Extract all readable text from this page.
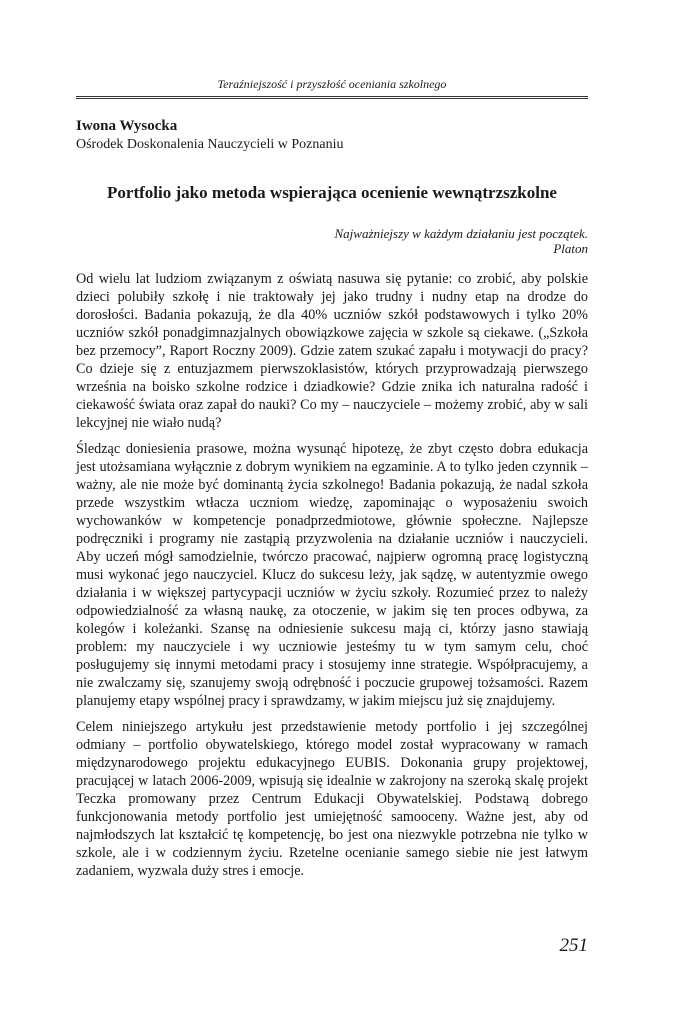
Teraźniejszość i przyszłość oceniania szkolnego
Iwona Wysocka
Ośrodek Doskonalenia Nauczycieli w Poznaniu
Portfolio jako metoda wspierająca ocenienie wewnątrzszkolne
Najważniejszy w każdym działaniu jest początek.
Platon

Od wielu lat ludziom związanym z oświatą nasuwa się pytanie: co zrobić, aby polskie dzieci polubiły szkołę i nie traktowały jej jako trudny i nudny etap na drodze do dorosłości. Badania pokazują, że dla 40% uczniów szkół podstawowych i tylko 20% uczniów szkół ponadgimnazjalnych obowiązkowe zajęcia w szkole są ciekawe. („Szkoła bez przemocy”, Raport Roczny 2009). Gdzie zatem szukać zapału i motywacji do pracy? Co dzieje się z entuzjazmem pierwszoklasistów, których przyprowadzają pierwszego września na boisko szkolne rodzice i dziadkowie? Gdzie znika ich naturalna radość i ciekawość świata oraz zapał do nauki? Co my – nauczyciele – możemy zrobić, aby w sali lekcyjnej nie wiało nudą?

Śledząc doniesienia prasowe, można wysunąć hipotezę, że zbyt często dobra edukacja jest utożsamiana wyłącznie z dobrym wynikiem na egzaminie. A to tylko jeden czynnik – ważny, ale nie może być dominantą życia szkolnego! Badania pokazują, że nadal szkoła przede wszystkim wtłacza uczniom wiedzę, zapominając o wyposażeniu swoich wychowanków w kompetencje ponadprzedmiotowe, głównie społeczne. Najlepsze podręczniki i programy nie zastąpią przyzwolenia na działanie uczniów i nauczycieli. Aby uczeń mógł samodzielnie, twórczo pracować, najpierw ogromną pracę logistyczną musi wykonać jego nauczyciel. Klucz do sukcesu leży, jak sądzę, w autentyzmie owego działania i w większej partycypacji uczniów w życiu szkoły. Rozumieć przez to należy odpowiedzialność za własną naukę, za otoczenie, w jakim się ten proces odbywa, za kolegów i koleżanki. Szansę na odniesienie sukcesu mają ci, którzy jasno stawiają problem: my nauczyciele i wy uczniowie jesteśmy tu w tym samym celu, choć posługujemy się innymi metodami pracy i stosujemy inne strategie. Współpracujemy, a nie zwalczamy się, szanujemy swoją odrębność i poczucie grupowej tożsamości. Razem planujemy etapy wspólnej pracy i sprawdzamy, w jakim miejscu już się znajdujemy.

Celem niniejszego artykułu jest przedstawienie metody portfolio i jej szczególnej odmiany – portfolio obywatelskiego, którego model został wypracowany w ramach międzynarodowego projektu edukacyjnego EUBIS. Dokonania grupy projektowej, pracującej w latach 2006-2009, wpisują się idealnie w zakrojony na szeroką skalę projekt Teczka promowany przez Centrum Edukacji Obywatelskiej. Podstawą dobrego funkcjonowania metody portfolio jest umiejętność samooceny. Ważne jest, aby od najmłodszych lat kształcić tę kompetencję, bo jest ona niezwykle potrzebna nie tylko w szkole, ale i w codziennym życiu. Rzetelne ocenianie samego siebie nie jest łatwym zadaniem, wyzwala duży stres i emocje.

251
